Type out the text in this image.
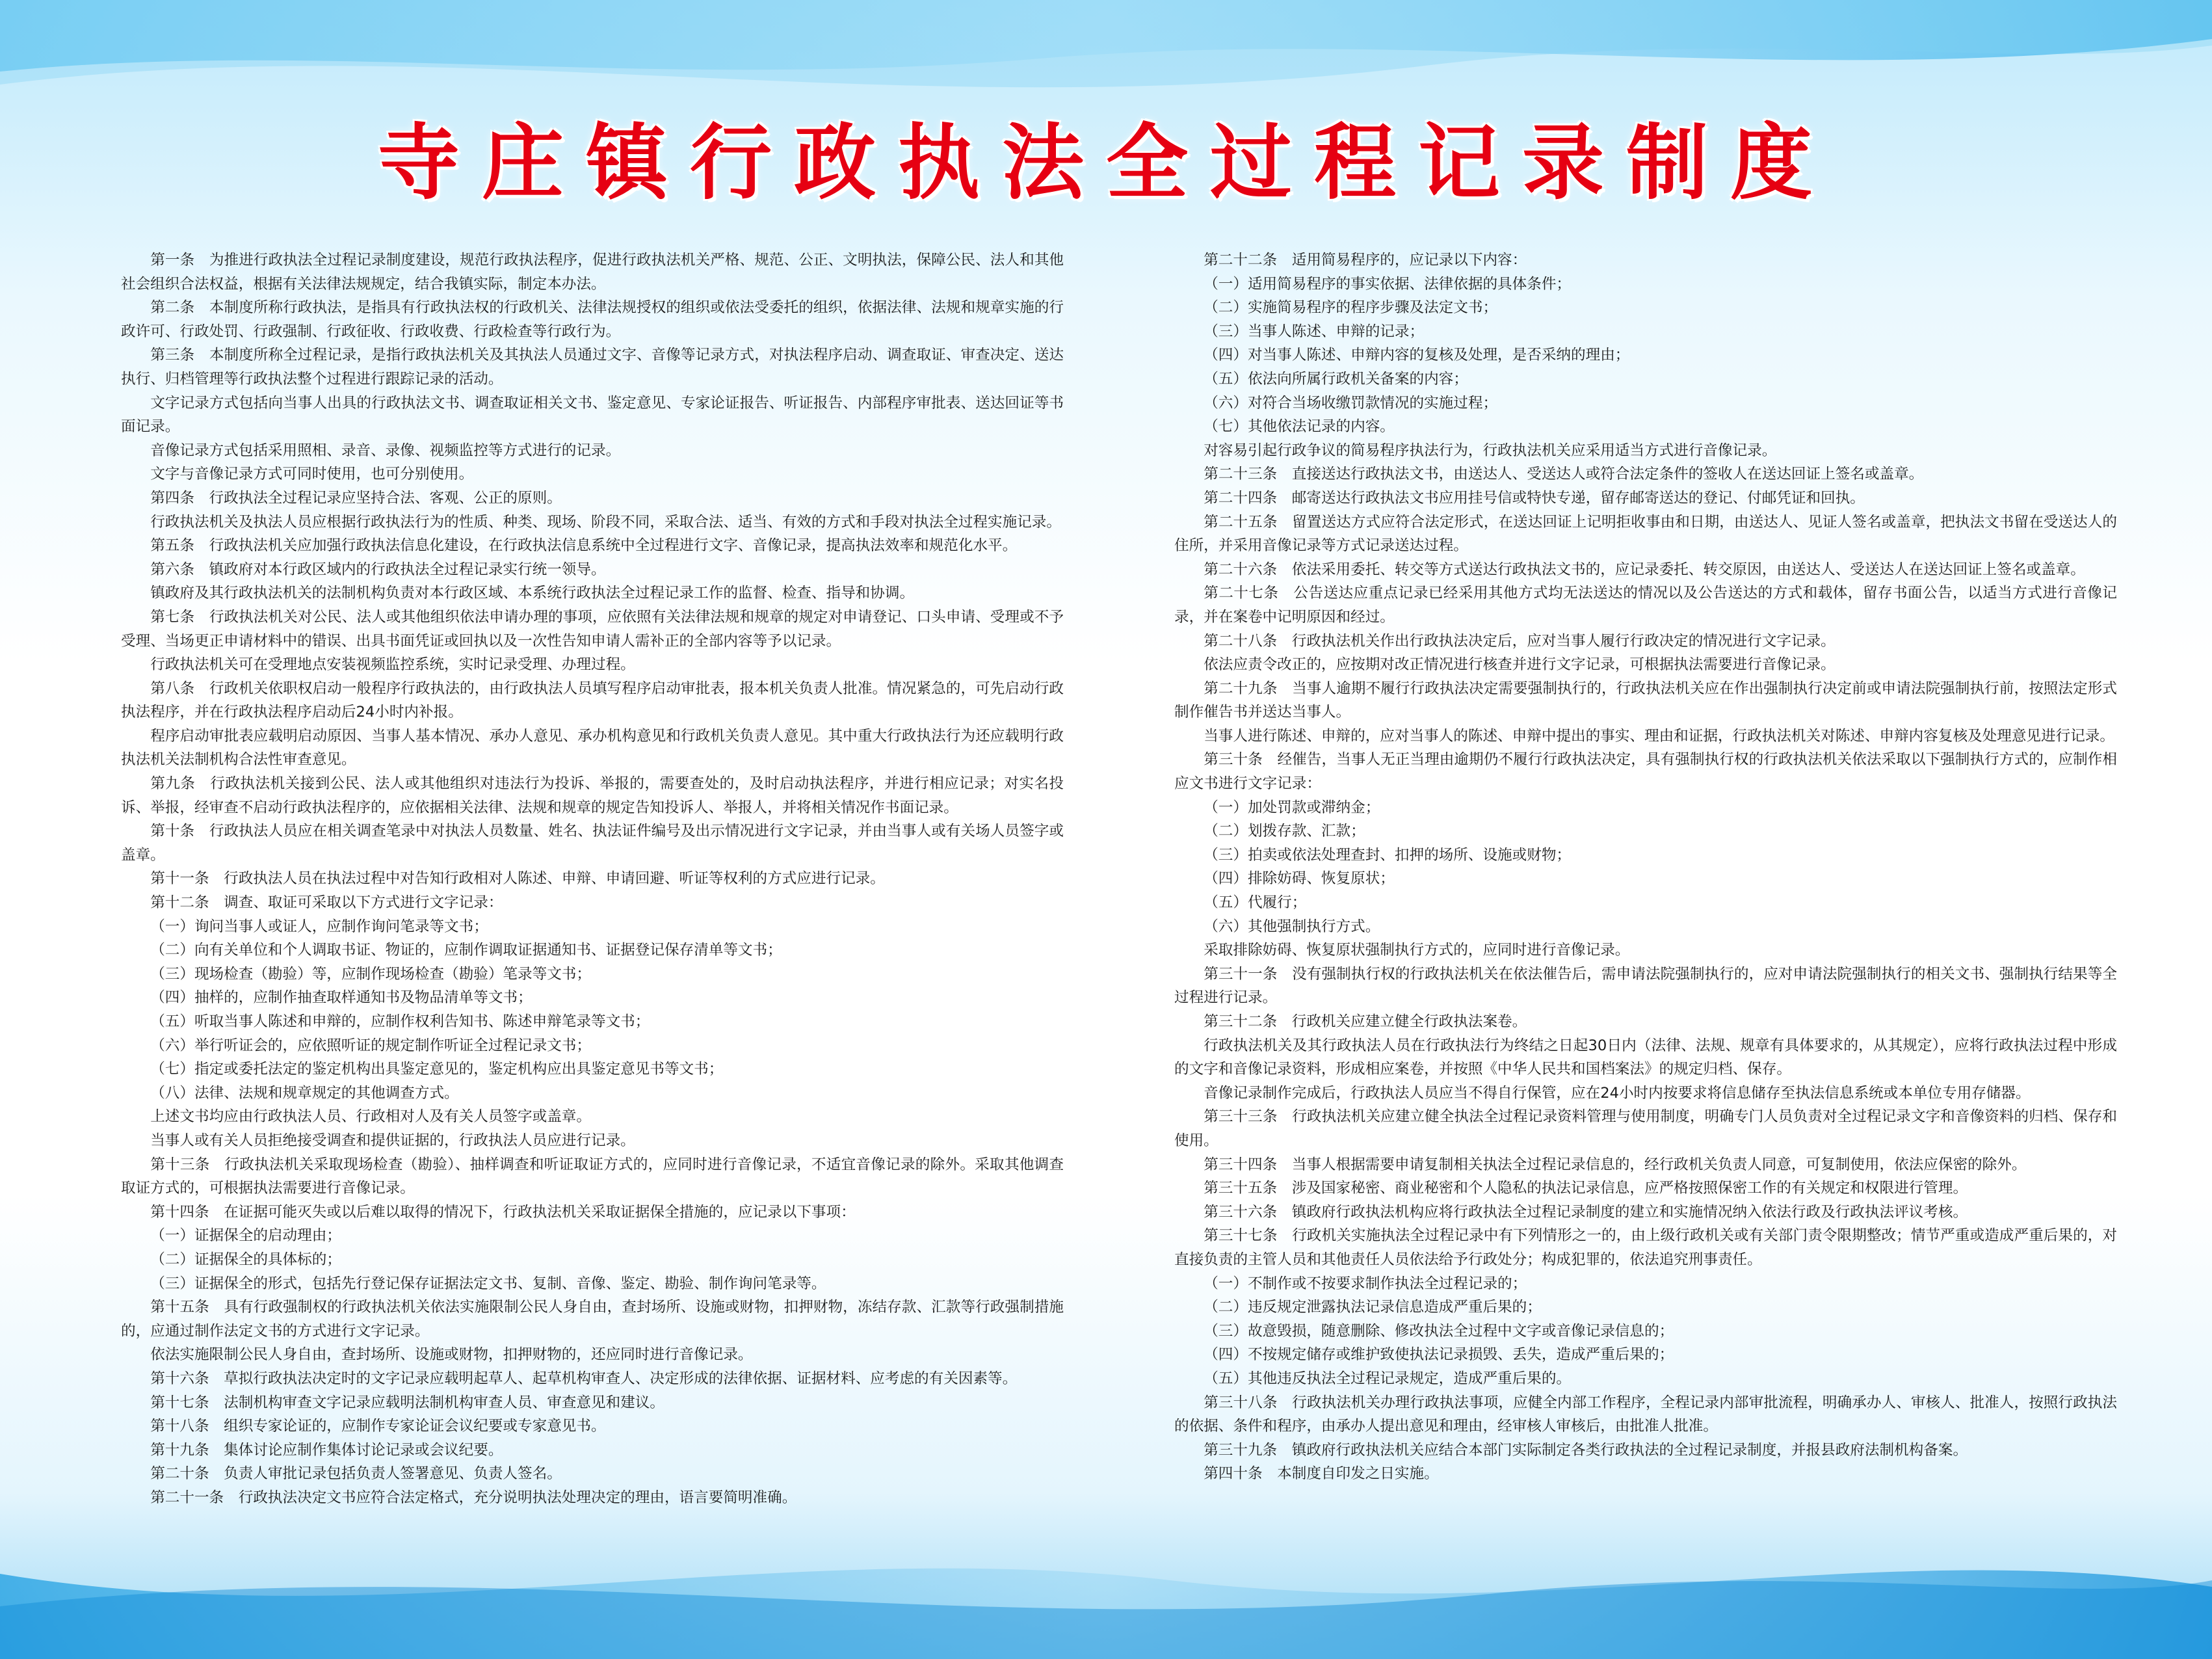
寺庄镇行政执法全过程记录制度

第一条　为推进行政执法全过程记录制度建设，规范行政执法程序，促进行政执法机关严格、规范、公正、文明执法，保障公民、法人和其他社会组织合法权益，根据有关法律法规规定，结合我镇实际，制定本办法。

第二条　本制度所称行政执法，是指具有行政执法权的行政机关、法律法规授权的组织或依法受委托的组织，依据法律、法规和规章实施的行政许可、行政处罚、行政强制、行政征收、行政收费、行政检查等行政行为。

第三条　本制度所称全过程记录，是指行政执法机关及其执法人员通过文字、音像等记录方式，对执法程序启动、调查取证、审查决定、送达执行、归档管理等行政执法整个过程进行跟踪记录的活动。

文字记录方式包括向当事人出具的行政执法文书、调查取证相关文书、鉴定意见、专家论证报告、听证报告、内部程序审批表、送达回证等书面记录。

音像记录方式包括采用照相、录音、录像、视频监控等方式进行的记录。

文字与音像记录方式可同时使用，也可分别使用。

第四条　行政执法全过程记录应坚持合法、客观、公正的原则。

行政执法机关及执法人员应根据行政执法行为的性质、种类、现场、阶段不同，采取合法、适当、有效的方式和手段对执法全过程实施记录。

第五条　行政执法机关应加强行政执法信息化建设，在行政执法信息系统中全过程进行文字、音像记录，提高执法效率和规范化水平。

第六条　镇政府对本行政区域内的行政执法全过程记录实行统一领导。

镇政府及其行政执法机关的法制机构负责对本行政区域、本系统行政执法全过程记录工作的监督、检查、指导和协调。

第七条　行政执法机关对公民、法人或其他组织依法申请办理的事项，应依照有关法律法规和规章的规定对申请登记、口头申请、受理或不予受理、当场更正申请材料中的错误、出具书面凭证或回执以及一次性告知申请人需补正的全部内容等予以记录。

行政执法机关可在受理地点安装视频监控系统，实时记录受理、办理过程。

第八条　行政机关依职权启动一般程序行政执法的，由行政执法人员填写程序启动审批表，报本机关负责人批准。情况紧急的，可先启动行政执法程序，并在行政执法程序启动后24小时内补报。

程序启动审批表应载明启动原因、当事人基本情况、承办人意见、承办机构意见和行政机关负责人意见。其中重大行政执法行为还应载明行政执法机关法制机构合法性审查意见。

第九条　行政执法机关接到公民、法人或其他组织对违法行为投诉、举报的，需要查处的，及时启动执法程序，并进行相应记录；对实名投诉、举报，经审查不启动行政执法程序的，应依据相关法律、法规和规章的规定告知投诉人、举报人，并将相关情况作书面记录。

第十条　行政执法人员应在相关调查笔录中对执法人员数量、姓名、执法证件编号及出示情况进行文字记录，并由当事人或有关场人员签字或盖章。

第十一条　行政执法人员在执法过程中对告知行政相对人陈述、申辩、申请回避、听证等权利的方式应进行记录。

第十二条　调查、取证可采取以下方式进行文字记录：

（一）询问当事人或证人，应制作询问笔录等文书；

（二）向有关单位和个人调取书证、物证的，应制作调取证据通知书、证据登记保存清单等文书；

（三）现场检查（勘验）等，应制作现场检查（勘验）笔录等文书；

（四）抽样的，应制作抽查取样通知书及物品清单等文书；

（五）听取当事人陈述和申辩的，应制作权利告知书、陈述申辩笔录等文书；

（六）举行听证会的，应依照听证的规定制作听证全过程记录文书；

（七）指定或委托法定的鉴定机构出具鉴定意见的，鉴定机构应出具鉴定意见书等文书；

（八）法律、法规和规章规定的其他调查方式。

上述文书均应由行政执法人员、行政相对人及有关人员签字或盖章。

当事人或有关人员拒绝接受调查和提供证据的，行政执法人员应进行记录。

第十三条　行政执法机关采取现场检查（勘验）、抽样调查和听证取证方式的，应同时进行音像记录，不适宜音像记录的除外。采取其他调查取证方式的，可根据执法需要进行音像记录。

第十四条　在证据可能灭失或以后难以取得的情况下，行政执法机关采取证据保全措施的，应记录以下事项：

（一）证据保全的启动理由；

（二）证据保全的具体标的；

（三）证据保全的形式，包括先行登记保存证据法定文书、复制、音像、鉴定、勘验、制作询问笔录等。

第十五条　具有行政强制权的行政执法机关依法实施限制公民人身自由，查封场所、设施或财物，扣押财物，冻结存款、汇款等行政强制措施的，应通过制作法定文书的方式进行文字记录。

依法实施限制公民人身自由，查封场所、设施或财物，扣押财物的，还应同时进行音像记录。

第十六条　草拟行政执法决定时的文字记录应载明起草人、起草机构审查人、决定形成的法律依据、证据材料、应考虑的有关因素等。

第十七条　法制机构审查文字记录应载明法制机构审查人员、审查意见和建议。

第十八条　组织专家论证的，应制作专家论证会议纪要或专家意见书。

第十九条　集体讨论应制作集体讨论记录或会议纪要。

第二十条　负责人审批记录包括负责人签署意见、负责人签名。

第二十一条　行政执法决定文书应符合法定格式，充分说明执法处理决定的理由，语言要简明准确。

第二十二条　适用简易程序的，应记录以下内容：

（一）适用简易程序的事实依据、法律依据的具体条件；

（二）实施简易程序的程序步骤及法定文书；

（三）当事人陈述、申辩的记录；

（四）对当事人陈述、申辩内容的复核及处理，是否采纳的理由；

（五）依法向所属行政机关备案的内容；

（六）对符合当场收缴罚款情况的实施过程；

（七）其他依法记录的内容。

对容易引起行政争议的简易程序执法行为，行政执法机关应采用适当方式进行音像记录。

第二十三条　直接送达行政执法文书，由送达人、受送达人或符合法定条件的签收人在送达回证上签名或盖章。

第二十四条　邮寄送达行政执法文书应用挂号信或特快专递，留存邮寄送达的登记、付邮凭证和回执。

第二十五条　留置送达方式应符合法定形式，在送达回证上记明拒收事由和日期，由送达人、见证人签名或盖章，把执法文书留在受送达人的住所，并采用音像记录等方式记录送达过程。

第二十六条　依法采用委托、转交等方式送达行政执法文书的，应记录委托、转交原因，由送达人、受送达人在送达回证上签名或盖章。

第二十七条　公告送达应重点记录已经采用其他方式均无法送达的情况以及公告送达的方式和载体，留存书面公告，以适当方式进行音像记录，并在案卷中记明原因和经过。

第二十八条　行政执法机关作出行政执法决定后，应对当事人履行行政决定的情况进行文字记录。

依法应责令改正的，应按期对改正情况进行核查并进行文字记录，可根据执法需要进行音像记录。

第二十九条　当事人逾期不履行行政执法决定需要强制执行的，行政执法机关应在作出强制执行决定前或申请法院强制执行前，按照法定形式制作催告书并送达当事人。

当事人进行陈述、申辩的，应对当事人的陈述、申辩中提出的事实、理由和证据，行政执法机关对陈述、申辩内容复核及处理意见进行记录。

第三十条　经催告，当事人无正当理由逾期仍不履行行政执法决定，具有强制执行权的行政执法机关依法采取以下强制执行方式的，应制作相应文书进行文字记录：

（一）加处罚款或滞纳金；

（二）划拨存款、汇款；

（三）拍卖或依法处理查封、扣押的场所、设施或财物；

（四）排除妨碍、恢复原状；

（五）代履行；

（六）其他强制执行方式。

采取排除妨碍、恢复原状强制执行方式的，应同时进行音像记录。

第三十一条　没有强制执行权的行政执法机关在依法催告后，需申请法院强制执行的，应对申请法院强制执行的相关文书、强制执行结果等全过程进行记录。

第三十二条　行政机关应建立健全行政执法案卷。

行政执法机关及其行政执法人员在行政执法行为终结之日起30日内（法律、法规、规章有具体要求的，从其规定），应将行政执法过程中形成的文字和音像记录资料，形成相应案卷，并按照《中华人民共和国档案法》的规定归档、保存。

音像记录制作完成后，行政执法人员应当不得自行保管，应在24小时内按要求将信息储存至执法信息系统或本单位专用存储器。

第三十三条　行政执法机关应建立健全执法全过程记录资料管理与使用制度，明确专门人员负责对全过程记录文字和音像资料的归档、保存和使用。

第三十四条　当事人根据需要申请复制相关执法全过程记录信息的，经行政机关负责人同意，可复制使用，依法应保密的除外。

第三十五条　涉及国家秘密、商业秘密和个人隐私的执法记录信息，应严格按照保密工作的有关规定和权限进行管理。

第三十六条　镇政府行政执法机构应将行政执法全过程记录制度的建立和实施情况纳入依法行政及行政执法评议考核。

第三十七条　行政机关实施执法全过程记录中有下列情形之一的，由上级行政机关或有关部门责令限期整改；情节严重或造成严重后果的，对直接负责的主管人员和其他责任人员依法给予行政处分；构成犯罪的，依法追究刑事责任。

（一）不制作或不按要求制作执法全过程记录的；

（二）违反规定泄露执法记录信息造成严重后果的；

（三）故意毁损，随意删除、修改执法全过程中文字或音像记录信息的；

（四）不按规定储存或维护致使执法记录损毁、丢失，造成严重后果的；

（五）其他违反执法全过程记录规定，造成严重后果的。

第三十八条　行政执法机关办理行政执法事项，应健全内部工作程序，全程记录内部审批流程，明确承办人、审核人、批准人，按照行政执法的依据、条件和程序，由承办人提出意见和理由，经审核人审核后，由批准人批准。

第三十九条　镇政府行政执法机关应结合本部门实际制定各类行政执法的全过程记录制度，并报县政府法制机构备案。

第四十条　本制度自印发之日实施。
